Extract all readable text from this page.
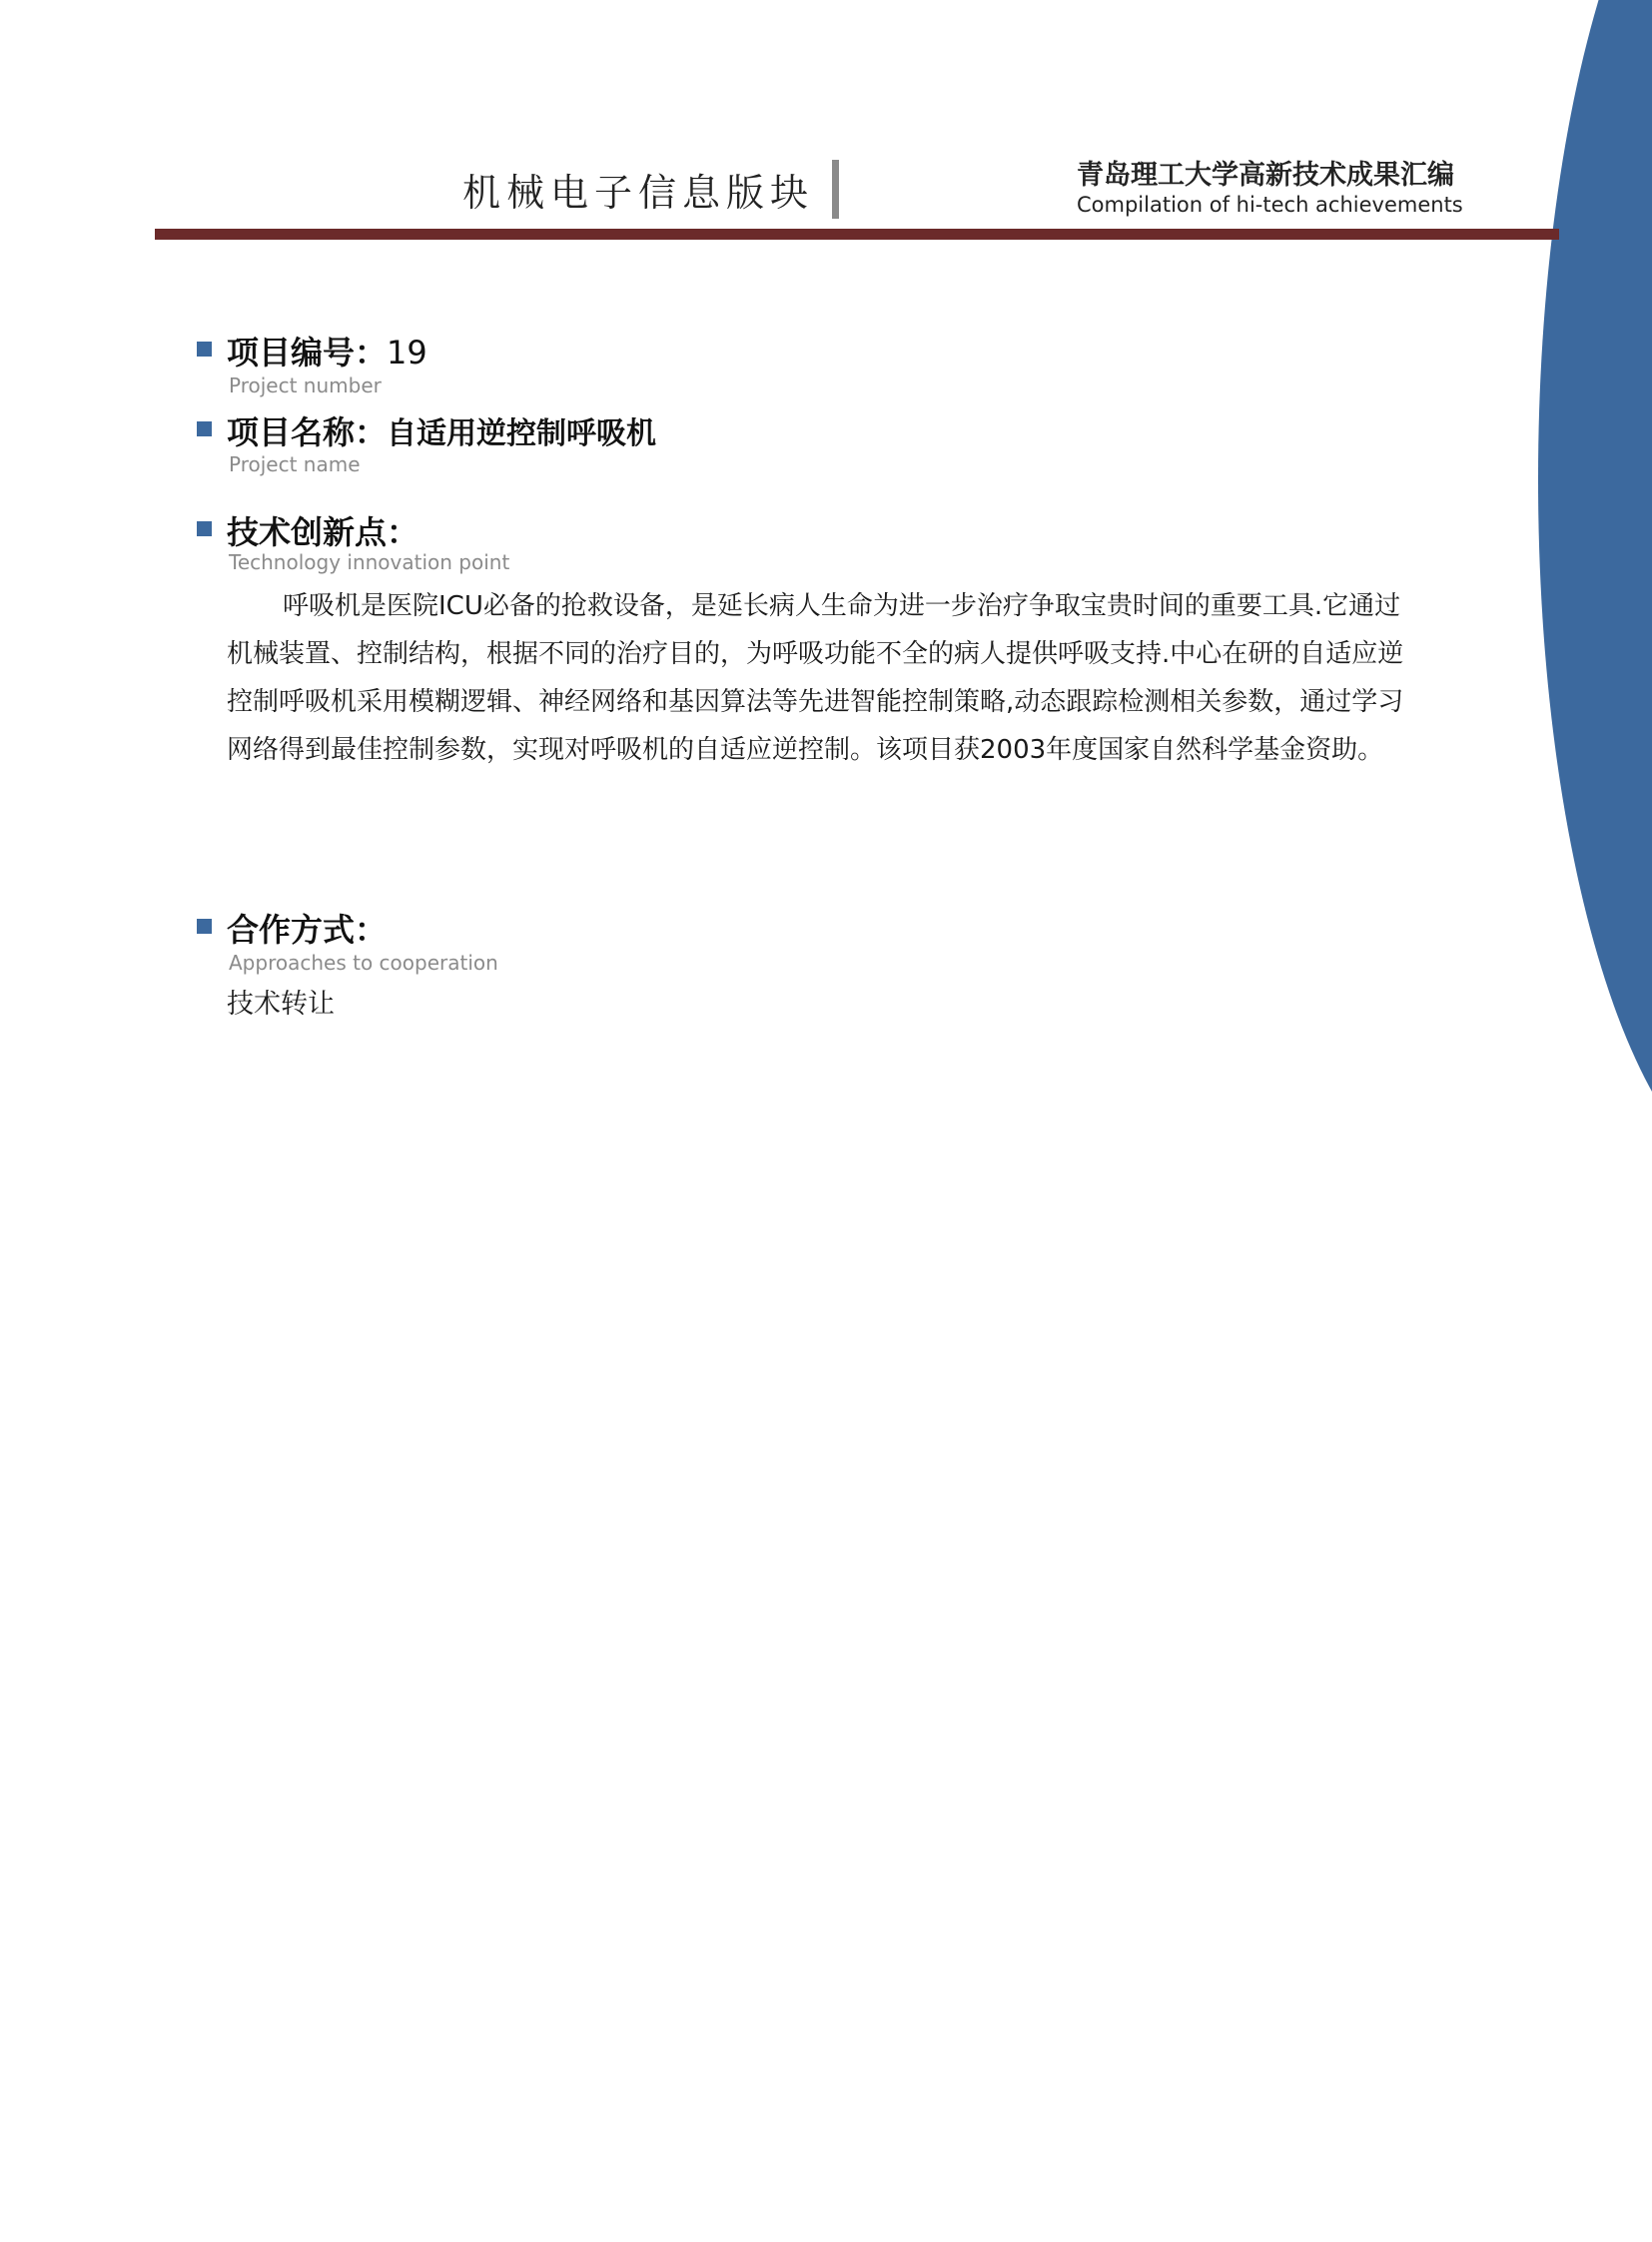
机械电子信息版块	青岛理工大学高新技术成果汇编
Compilation of hi-tech achievements
项目编号：19
Project number
项目名称：自适用逆控制呼吸机
Project name
技术创新点：
Technology innovation point

呼吸机是医院ICU必备的抢救设备，是延长病人生命为进一步治疗争取宝贵时间的重要工具.它通过机械装置、控制结构，根据不同的治疗目的，为呼吸功能不全的病人提供呼吸支持.中心在研的自适应逆控制呼吸机采用模糊逻辑、神经网络和基因算法等先进智能控制策略,动态跟踪检测相关参数，通过学习网络得到最佳控制参数，实现对呼吸机的自适应逆控制。该项目获2003年度国家自然科学基金资助。

合作方式：
Approaches to cooperation
技术转让
